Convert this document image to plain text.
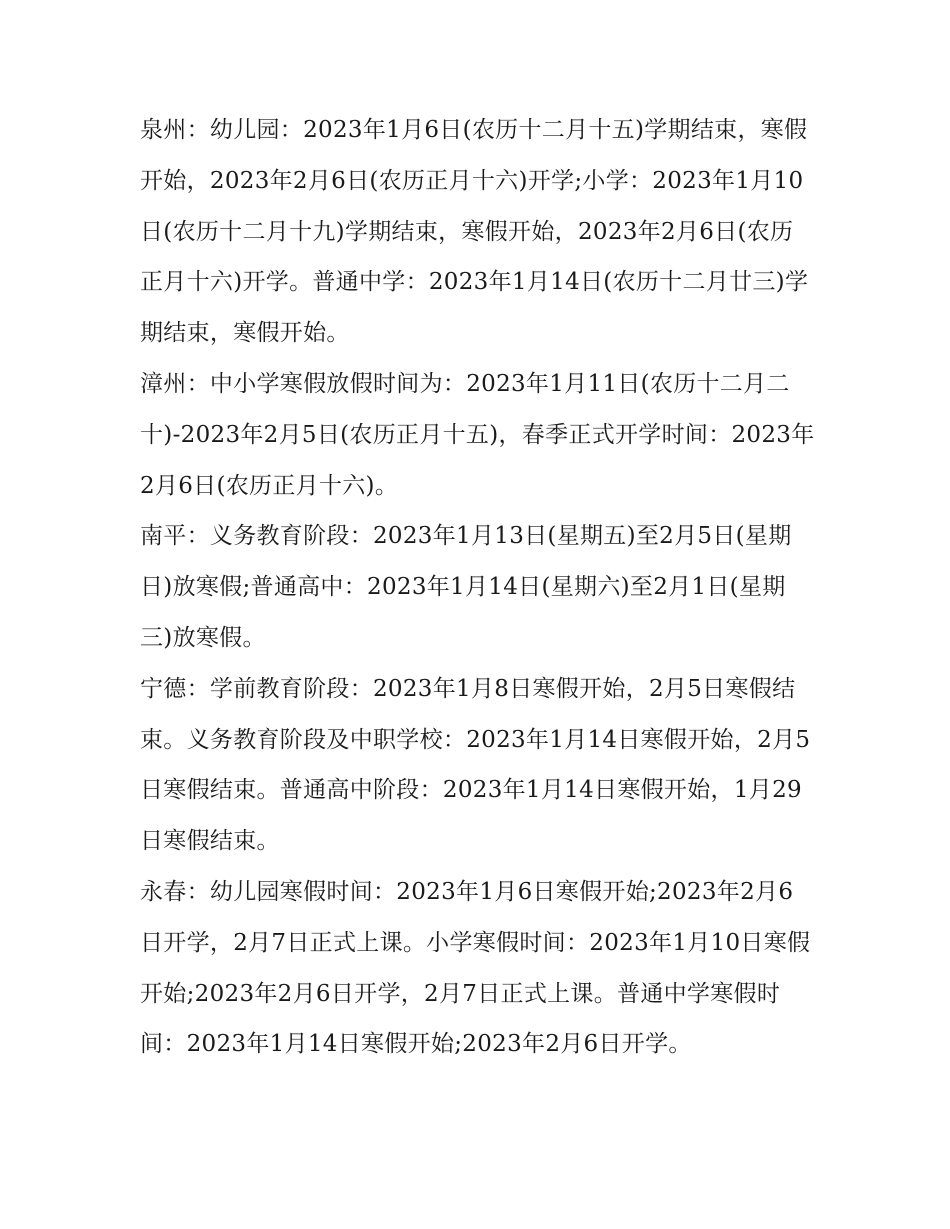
泉州：幼儿园：2023年1月6日(农历十二月十五)学期结束，寒假开始，2023年2月6日(农历正月十六)开学;小学：2023年1月10日(农历十二月十九)学期结束，寒假开始，2023年2月6日(农历正月十六)开学。普通中学：2023年1月14日(农历十二月廿三)学期结束，寒假开始。

漳州：中小学寒假放假时间为：2023年1月11日(农历十二月二十)-2023年2月5日(农历正月十五)，春季正式开学时间：2023年2月6日(农历正月十六)。

南平：义务教育阶段：2023年1月13日(星期五)至2月5日(星期日)放寒假;普通高中：2023年1月14日(星期六)至2月1日(星期三)放寒假。

宁德：学前教育阶段：2023年1月8日寒假开始，2月5日寒假结束。义务教育阶段及中职学校：2023年1月14日寒假开始，2月5日寒假结束。普通高中阶段：2023年1月14日寒假开始，1月29日寒假结束。

永春：幼儿园寒假时间：2023年1月6日寒假开始;2023年2月6日开学，2月7日正式上课。小学寒假时间：2023年1月10日寒假开始;2023年2月6日开学，2月7日正式上课。普通中学寒假时间：2023年1月14日寒假开始;2023年2月6日开学。
